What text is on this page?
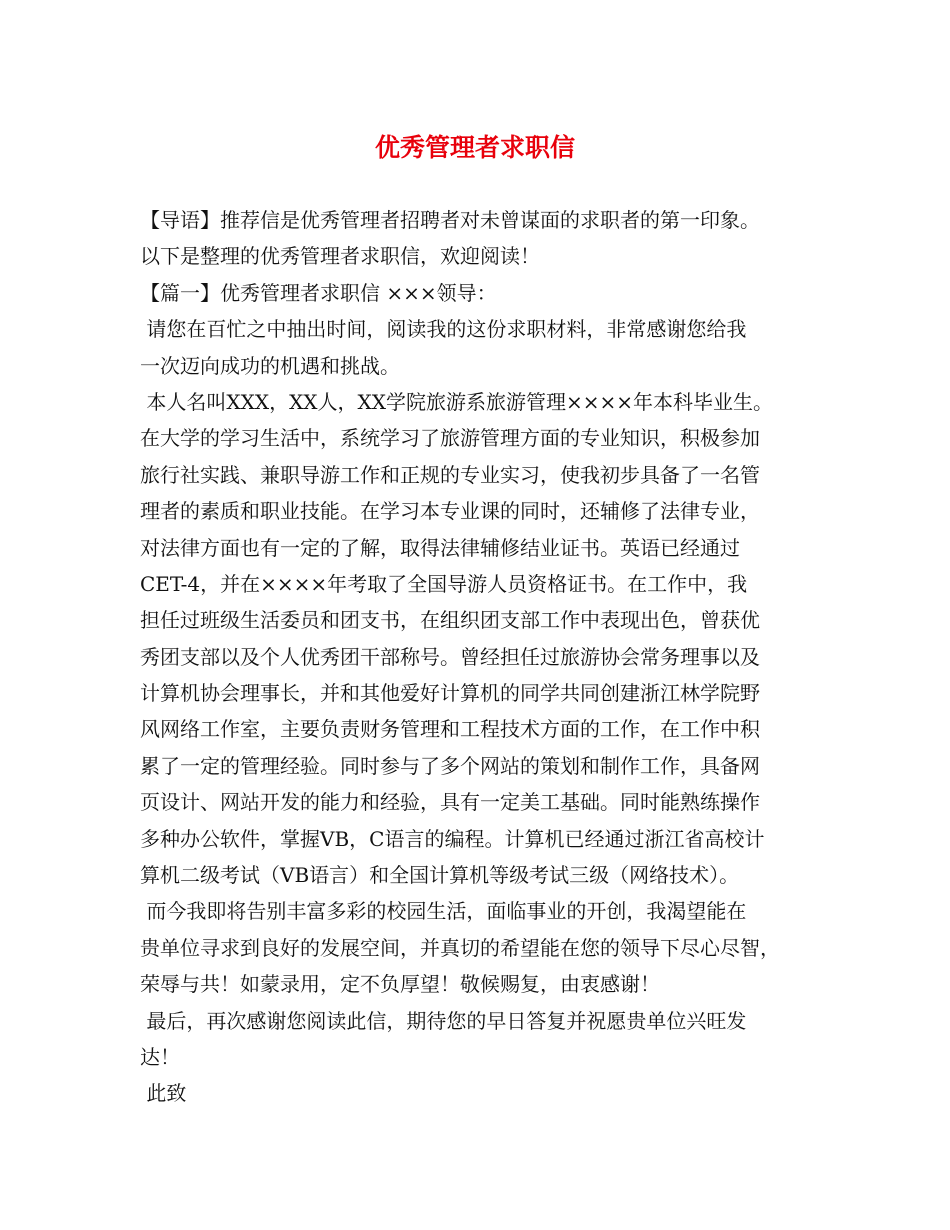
优秀管理者求职信

【导语】推荐信是优秀管理者招聘者对未曾谋面的求职者的第一印象。

以下是整理的优秀管理者求职信，欢迎阅读！

【篇一】优秀管理者求职信 ×××领导：

请您在百忙之中抽出时间，阅读我的这份求职材料，非常感谢您给我

一次迈向成功的机遇和挑战。

本人名叫XXX，XX人，XX学院旅游系旅游管理××××年本科毕业生。

在大学的学习生活中，系统学习了旅游管理方面的专业知识，积极参加

旅行社实践、兼职导游工作和正规的专业实习，使我初步具备了一名管

理者的素质和职业技能。在学习本专业课的同时，还辅修了法律专业，

对法律方面也有一定的了解，取得法律辅修结业证书。英语已经通过

CET-4，并在××××年考取了全国导游人员资格证书。在工作中，我

担任过班级生活委员和团支书，在组织团支部工作中表现出色，曾获优

秀团支部以及个人优秀团干部称号。曾经担任过旅游协会常务理事以及

计算机协会理事长，并和其他爱好计算机的同学共同创建浙江林学院野

风网络工作室，主要负责财务管理和工程技术方面的工作，在工作中积

累了一定的管理经验。同时参与了多个网站的策划和制作工作，具备网

页设计、网站开发的能力和经验，具有一定美工基础。同时能熟练操作

多种办公软件，掌握VB，C语言的编程。计算机已经通过浙江省高校计

算机二级考试（VB语言）和全国计算机等级考试三级（网络技术）。

而今我即将告别丰富多彩的校园生活，面临事业的开创，我渴望能在

贵单位寻求到良好的发展空间，并真切的希望能在您的领导下尽心尽智，

荣辱与共！如蒙录用，定不负厚望！敬候赐复，由衷感谢！

最后，再次感谢您阅读此信，期待您的早日答复并祝愿贵单位兴旺发

达！

此致
